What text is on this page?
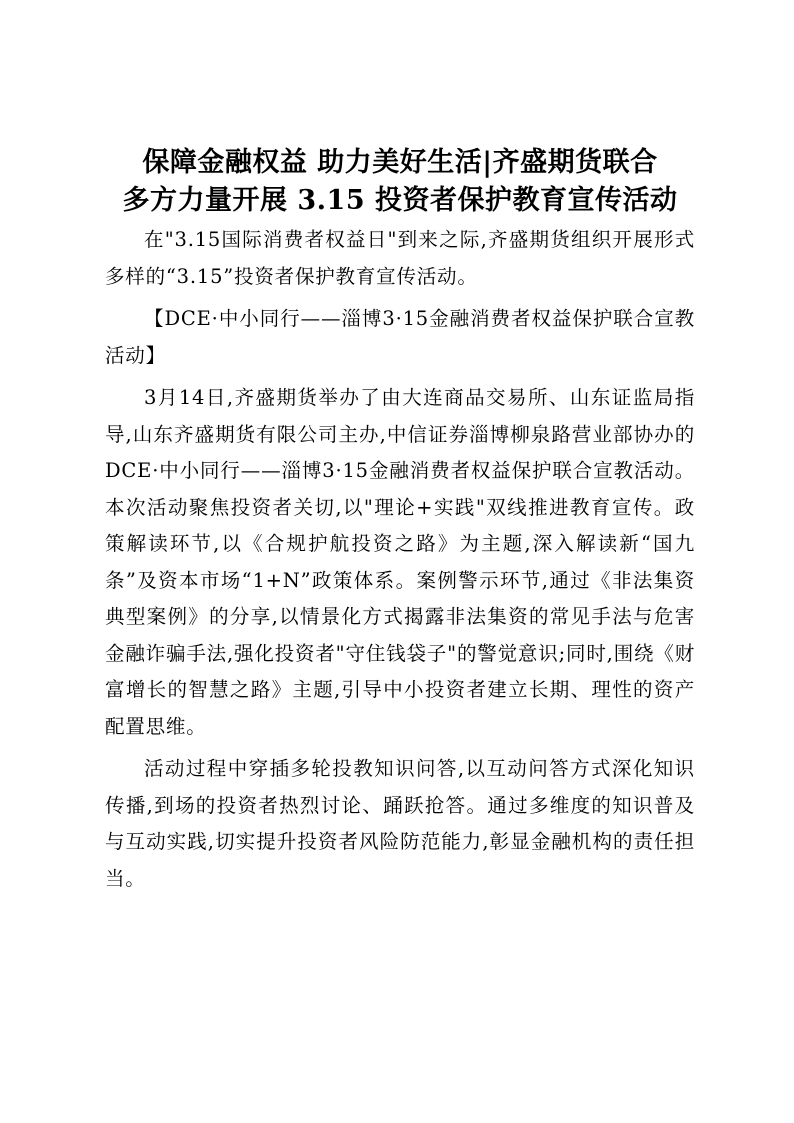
保障金融权益 助力美好生活|齐盛期货联合
多方力量开展 3.15 投资者保护教育宣传活动

在"3.15国际消费者权益日"到来之际,齐盛期货组织开展形式多样的“3.15”投资者保护教育宣传活动。

【DCE·中小同行——淄博3·15金融消费者权益保护联合宣教活动】

3月14日,齐盛期货举办了由大连商品交易所、山东证监局指导,山东齐盛期货有限公司主办,中信证券淄博柳泉路营业部协办的DCE·中小同行——淄博3·15金融消费者权益保护联合宣教活动。本次活动聚焦投资者关切,以"理论+实践"双线推进教育宣传。政策解读环节,以《合规护航投资之路》为主题,深入解读新“国九条”及资本市场“1+N”政策体系。案例警示环节,通过《非法集资典型案例》的分享,以情景化方式揭露非法集资的常见手法与危害金融诈骗手法,强化投资者"守住钱袋子"的警觉意识;同时,围绕《财富增长的智慧之路》主题,引导中小投资者建立长期、理性的资产配置思维。

活动过程中穿插多轮投教知识问答,以互动问答方式深化知识传播,到场的投资者热烈讨论、踊跃抢答。通过多维度的知识普及与互动实践,切实提升投资者风险防范能力,彰显金融机构的责任担当。
